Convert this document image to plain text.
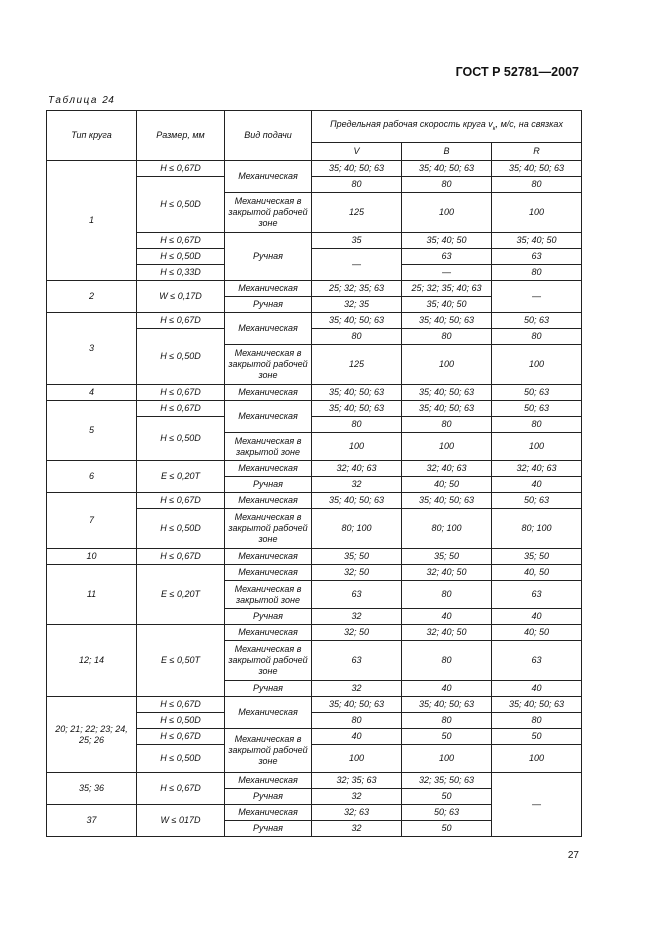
ГОСТ Р 52781—2007
Таблица 24
Тип круга	Размер, мм	Вид подачи	Предельная рабочая скорость круга $v_к$, м/с, на связках		
			V	B	R
1	H ≤ 0,67D	Механическая	35; 40; 50; 63	35; 40; 50; 63	35; 40; 50; 63
	H ≤ 0,50D		80	80	80
		Механическая в закрытой рабочей зоне	125	100	100
	H ≤ 0,67D	Ручная	35	35; 40; 50	35; 40; 50
	H ≤ 0,50D		—	63	63
	H ≤ 0,33D			—	80
2	W ≤ 0,17D	Механическая	25; 32; 35; 63	25; 32; 35; 40; 63	—
		Ручная	32; 35	35; 40; 50	
3	H ≤ 0,67D	Механическая	35; 40; 50; 63	35; 40; 50; 63	50; 63
	H ≤ 0,50D		80	80	80
		Механическая в закрытой рабочей зоне	125	100	100
4	H ≤ 0,67D	Механическая	35; 40; 50; 63	35; 40; 50; 63	50; 63
5	H ≤ 0,67D	Механическая	35; 40; 50; 63	35; 40; 50; 63	50; 63
	H ≤ 0,50D		80	80	80
		Механическая в закрытой зоне	100	100	100
6	E ≤ 0,20T	Механическая	32; 40; 63	32; 40; 63	32; 40; 63
		Ручная	32	40; 50	40
7	H ≤ 0,67D	Механическая	35; 40; 50; 63	35; 40; 50; 63	50; 63
	H ≤ 0,50D	Механическая в закрытой рабочей зоне	80; 100	80; 100	80; 100
10	H ≤ 0,67D	Механическая	35; 50	35; 50	35; 50
11	E ≤ 0,20T	Механическая	32; 50	32; 40; 50	40, 50
		Механическая в закрытой зоне	63	80	63
		Ручная	32	40	40
12; 14	E ≤ 0,50T	Механическая	32; 50	32; 40; 50	40; 50
		Механическая в закрытой рабочей зоне	63	80	63
		Ручная	32	40	40
20; 21; 22; 23; 24, 25; 26	H ≤ 0,67D	Механическая	35; 40; 50; 63	35; 40; 50; 63	35; 40; 50; 63
	H ≤ 0,50D		80	80	80
	H ≤ 0,67D	Механическая в закрытой рабочей зоне	40	50	50
	H ≤ 0,50D		100	100	100
35; 36	H ≤ 0,67D	Механическая	32; 35; 63	32; 35; 50; 63	—
		Ручная	32	50	
37	W ≤ 017D	Механическая	32; 63	50; 63	
		Ручная	32	50	
27
